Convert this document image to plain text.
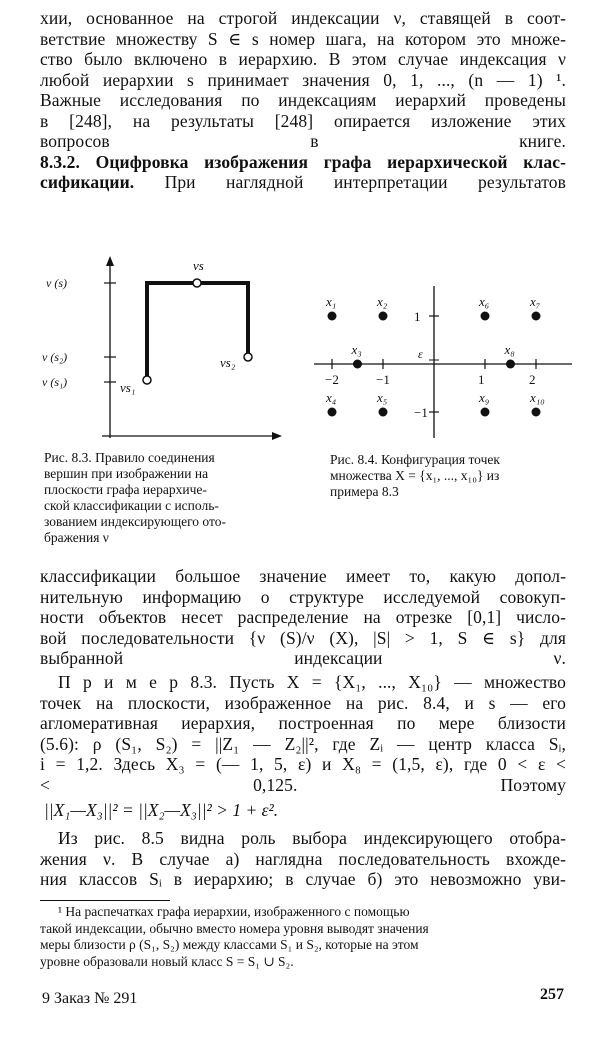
хии, основанное на строгой индексации ν, ставящей в соот-
ветствие множеству S ∈ s номер шага, на котором это множе-
ство было включено в иерархию. В этом случае индексация ν
любой иерархии s принимает значения 0, 1, ..., (n — 1) ¹.
Важные исследования по индексациям иерархий проведены
в [248], на результаты [248] опирается изложение этих
вопросов в книге.
8.3.2. Оцифровка изображения графа иерархической клас-
сификации. При наглядной интерпретации результатов
ν (s)
ν (s₂)
ν (s₁)
νs
νs₂
νs₁
Рис. 8.3. Правило соединения
вершин при изображении на
плоскости графа иерархиче-
ской классификации с исполь-
зованием индексирующего ото-
бражения ν
x₁	x₂
x₃
x₄	x₅
x₆	x₇
x₈
x₉	x₁₀
−2	−1	1	2
1
−1
ε
Рис. 8.4. Конфигурация точек
множества X = {x₁, ..., x₁₀} из
примера 8.3
классификации большое значение имеет то, какую допол-
нительную информацию о структуре исследуемой совокуп-
ности объектов несет распределение на отрезке [0,1] число-
вой последовательности {ν (S)/ν (X), |S| > 1, S ∈ s} для
выбранной индексации ν.
П р и м е р 8.3. Пусть X = {X₁, ..., X₁₀} — множество
точек на плоскости, изображенное на рис. 8.4, и s — его
агломеративная иерархия, построенная по мере близости
(5.6): ρ (S₁, S₂) = ||Z₁ — Z₂||², где Zᵢ — центр класса Sᵢ,
i = 1,2. Здесь X₃ = (— 1, 5, ε) и X₈ = (1,5, ε), где 0 < ε <
< 0,125. Поэтому
||X₁—X₃||² = ||X₂—X₃||² > 1 + ε².
Из рис. 8.5 видна роль выбора индексирующего отобра-
жения ν. В случае а) наглядна последовательность вхожде-
ния классов Sᵢ в иерархию; в случае б) это невозможно уви-
¹ На распечатках графа иерархии, изображенного с помощью
такой индексации, обычно вместо номера уровня выводят значения
меры близости ρ (S₁, S₂) между классами S₁ и S₂, которые на этом
уровне образовали новый класс S = S₁ ∪ S₂.
9 Заказ № 291	257
